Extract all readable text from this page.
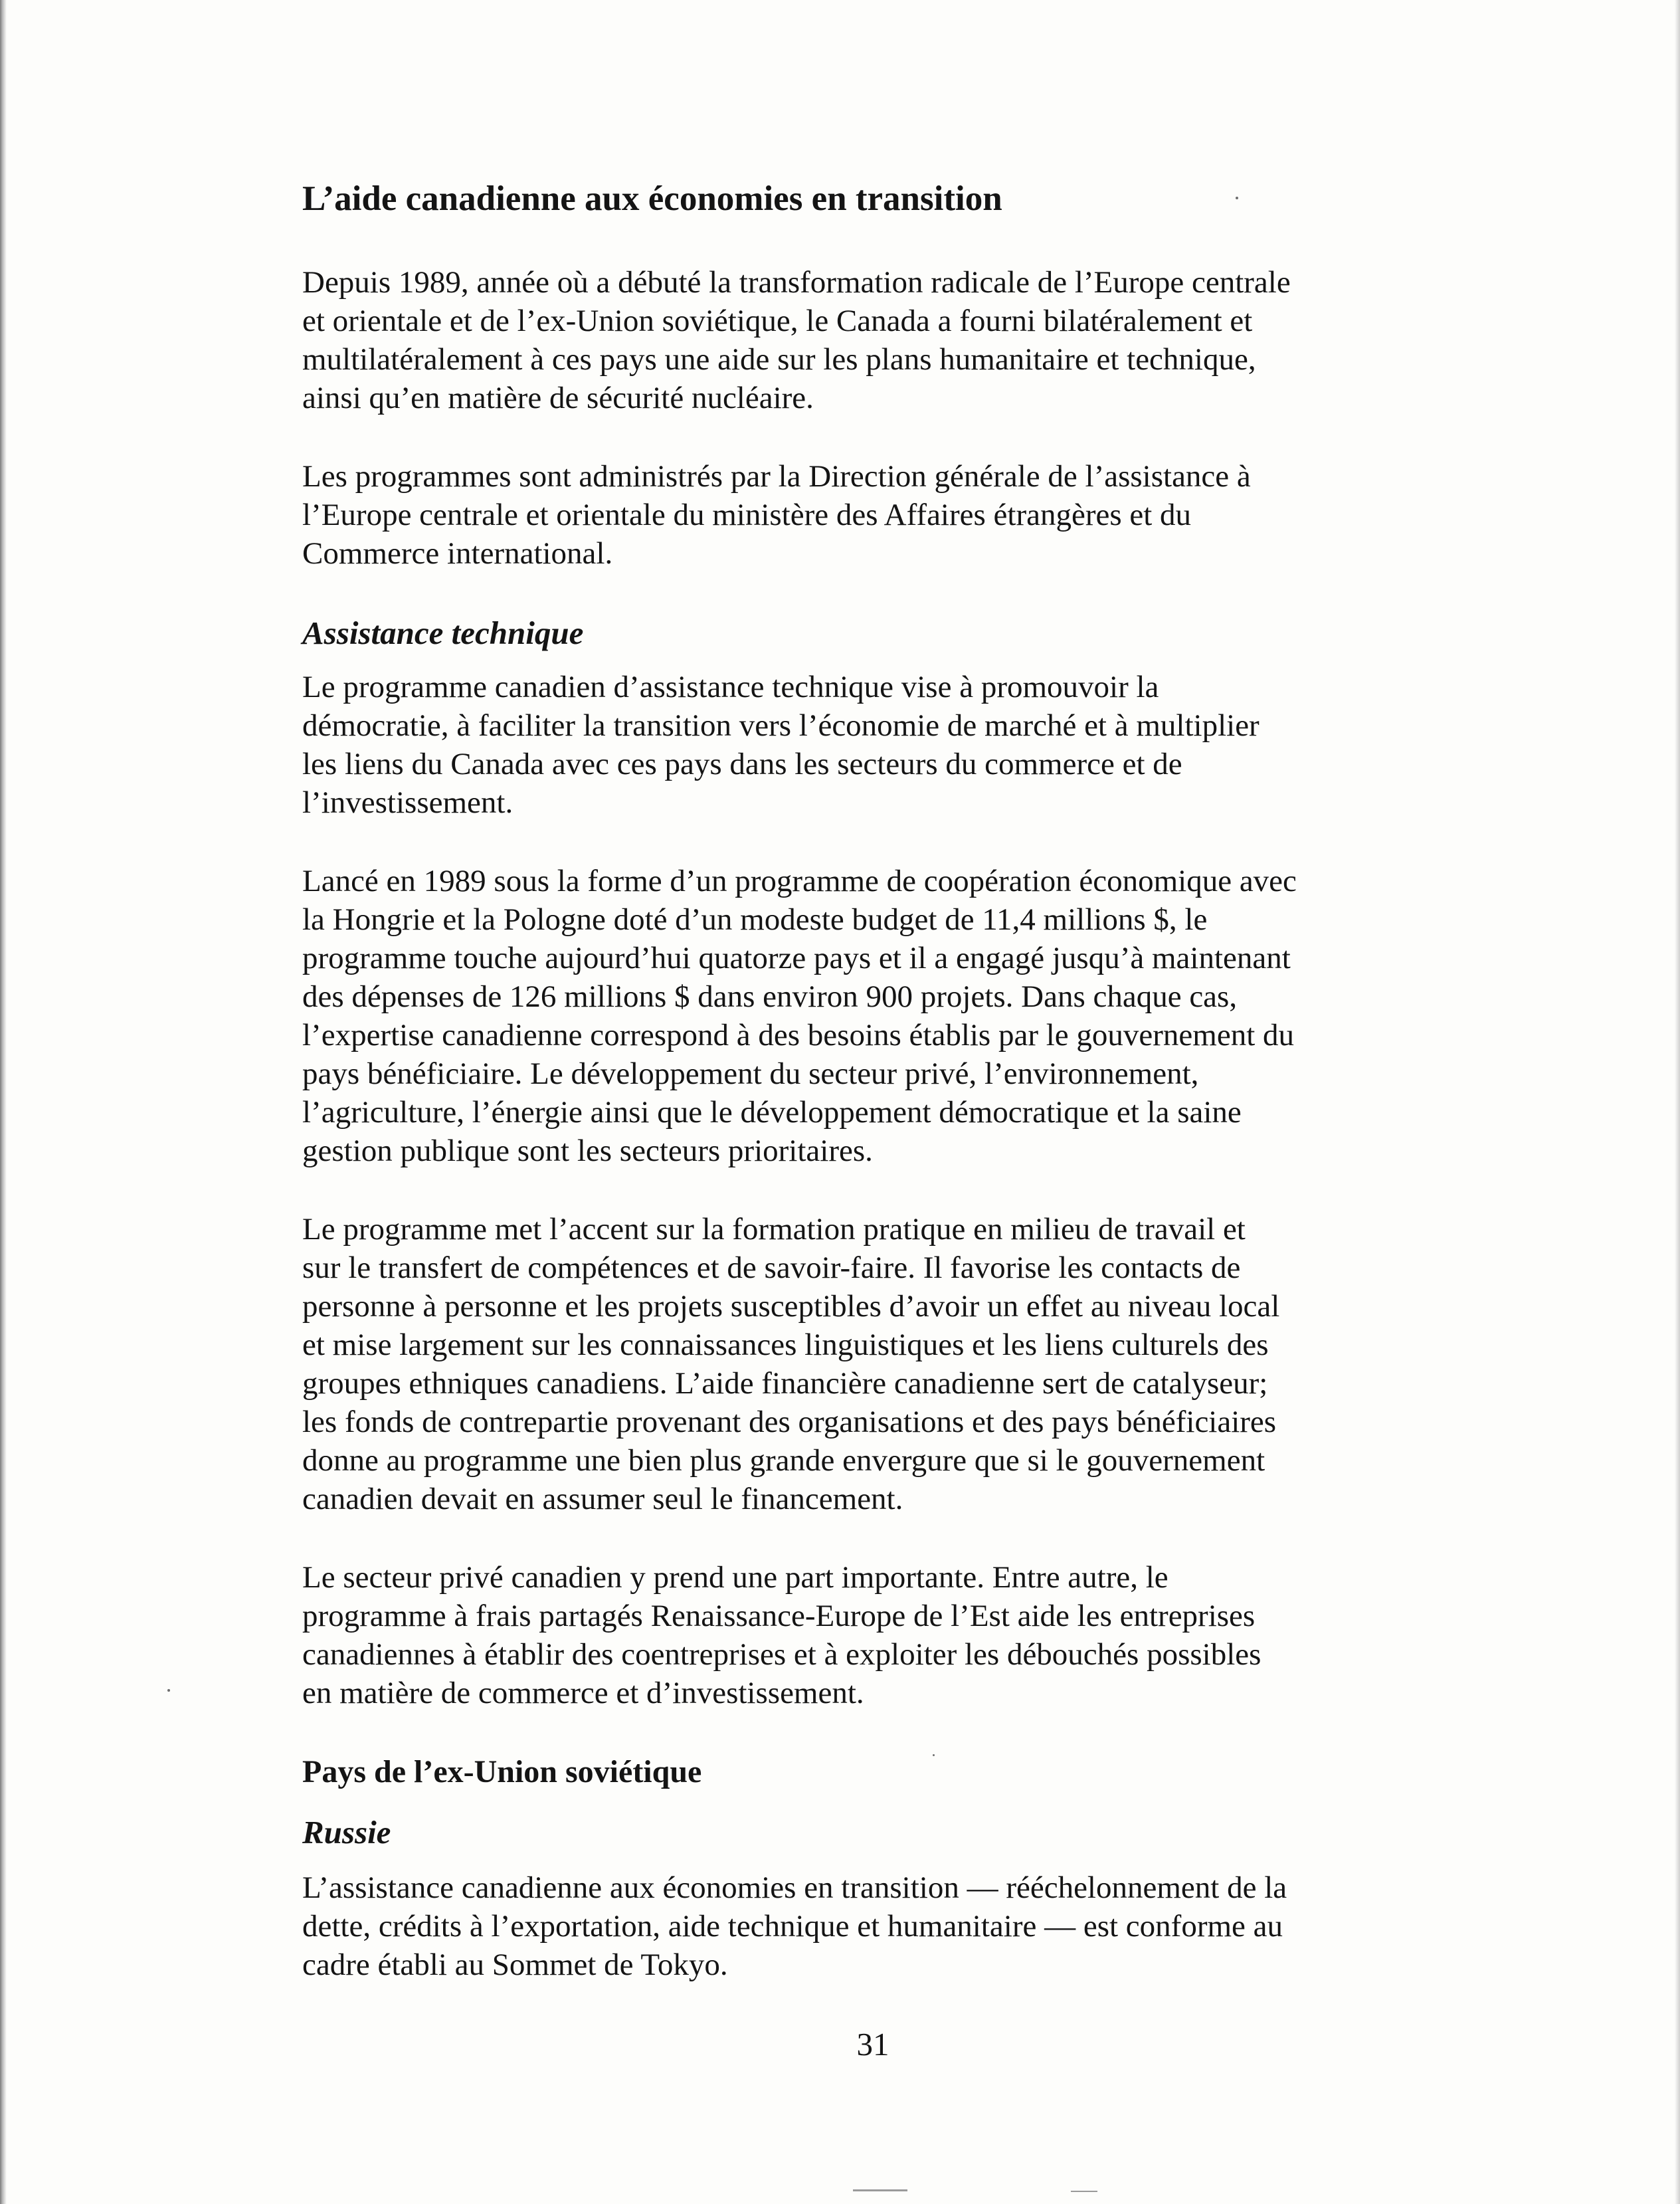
L’aide canadienne aux économies en transition

Depuis 1989, année où a débuté la transformation radicale de l’Europe centrale
et orientale et de l’ex-Union soviétique, le Canada a fourni bilatéralement et
multilatéralement à ces pays une aide sur les plans humanitaire et technique,
ainsi qu’en matière de sécurité nucléaire.

Les programmes sont administrés par la Direction générale de l’assistance à
l’Europe centrale et orientale du ministère des Affaires étrangères et du
Commerce international.

Assistance technique

Le programme canadien d’assistance technique vise à promouvoir la
démocratie, à faciliter la transition vers l’économie de marché et à multiplier
les liens du Canada avec ces pays dans les secteurs du commerce et de
l’investissement.

Lancé en 1989 sous la forme d’un programme de coopération économique avec
la Hongrie et la Pologne doté d’un modeste budget de 11,4 millions $, le
programme touche aujourd’hui quatorze pays et il a engagé jusqu’à maintenant
des dépenses de 126 millions $ dans environ 900 projets. Dans chaque cas,
l’expertise canadienne correspond à des besoins établis par le gouvernement du
pays bénéficiaire. Le développement du secteur privé, l’environnement,
l’agriculture, l’énergie ainsi que le développement démocratique et la saine
gestion publique sont les secteurs prioritaires.

Le programme met l’accent sur la formation pratique en milieu de travail et
sur le transfert de compétences et de savoir-faire. Il favorise les contacts de
personne à personne et les projets susceptibles d’avoir un effet au niveau local
et mise largement sur les connaissances linguistiques et les liens culturels des
groupes ethniques canadiens. L’aide financière canadienne sert de catalyseur;
les fonds de contrepartie provenant des organisations et des pays bénéficiaires
donne au programme une bien plus grande envergure que si le gouvernement
canadien devait en assumer seul le financement.

Le secteur privé canadien y prend une part importante. Entre autre, le
programme à frais partagés Renaissance-Europe de l’Est aide les entreprises
canadiennes à établir des coentreprises et à exploiter les débouchés possibles
en matière de commerce et d’investissement.

Pays de l’ex-Union soviétique
Russie

L’assistance canadienne aux économies en transition — rééchelonnement de la
dette, crédits à l’exportation, aide technique et humanitaire — est conforme au
cadre établi au Sommet de Tokyo.

31
